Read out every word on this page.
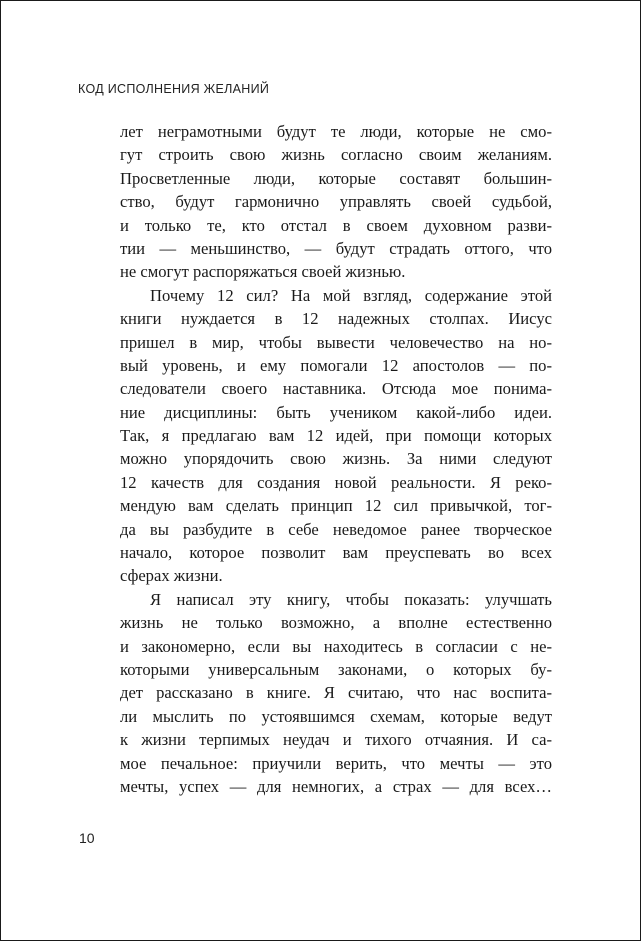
КОД ИСПОЛНЕНИЯ ЖЕЛАНИЙ
лет неграмотными будут те люди, которые не смо-
гут строить свою жизнь согласно своим желаниям.
Просветленные люди, которые составят большин-
ство, будут гармонично управлять своей судьбой,
и только те, кто отстал в своем духовном разви-
тии — меньшинство, — будут страдать оттого, что
не смогут распоряжаться своей жизнью.
Почему 12 сил? На мой взгляд, содержание этой
книги нуждается в 12 надежных столпах. Иисус
пришел в мир, чтобы вывести человечество на но-
вый уровень, и ему помогали 12 апостолов — по-
следователи своего наставника. Отсюда мое понима-
ние дисциплины: быть учеником какой-либо идеи.
Так, я предлагаю вам 12 идей, при помощи которых
можно упорядочить свою жизнь. За ними следуют
12 качеств для создания новой реальности. Я реко-
мендую вам сделать принцип 12 сил привычкой, тог-
да вы разбудите в себе неведомое ранее творческое
начало, которое позволит вам преуспевать во всех
сферах жизни.
Я написал эту книгу, чтобы показать: улучшать
жизнь не только возможно, а вполне естественно
и закономерно, если вы находитесь в согласии с не-
которыми универсальным законами, о которых бу-
дет рассказано в книге. Я считаю, что нас воспита-
ли мыслить по устоявшимся схемам, которые ведут
к жизни терпимых неудач и тихого отчаяния. И са-
мое печальное: приучили верить, что мечты — это
мечты, успех — для немногих, а страх — для всех…
10
